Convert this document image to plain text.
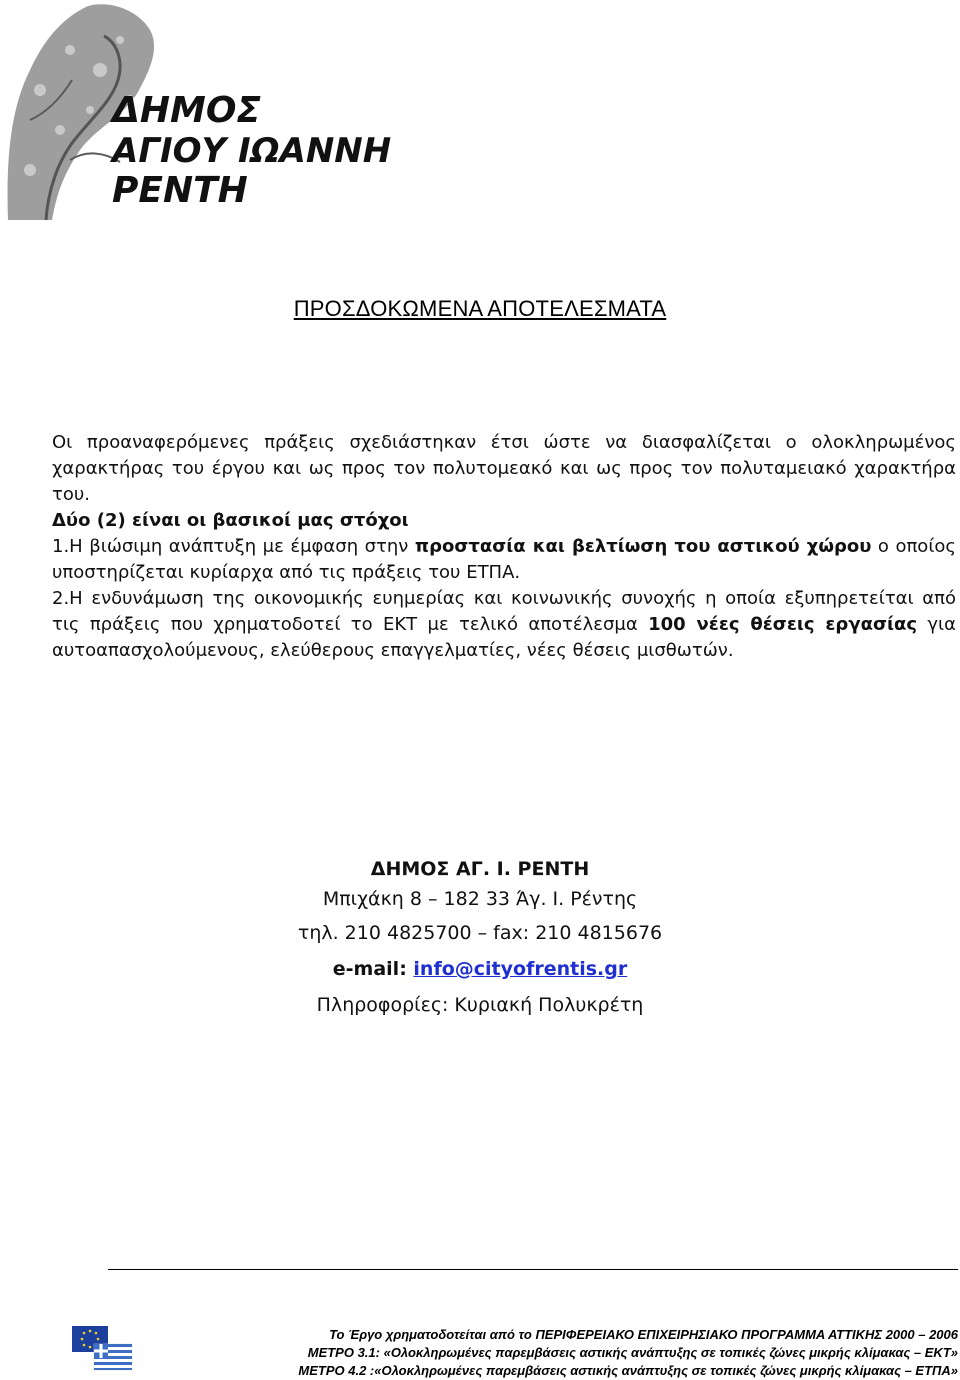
ΔΗΜΟΣ
ΑΓΙΟΥ ΙΩΑΝΝΗ
ΡΕΝΤΗ
ΠΡΟΣΔΟΚΩΜΕΝΑ ΑΠΟΤΕΛΕΣΜΑΤΑ

Οι προαναφερόμενες πράξεις σχεδιάστηκαν έτσι ώστε να διασφαλίζεται ο ολοκληρωμένος χαρακτήρας του έργου και ως προς τον πολυτομεακό και ως προς τον πολυταμειακό χαρακτήρα του.

Δύο (2) είναι οι βασικοί μας στόχοι

1.Η βιώσιμη ανάπτυξη με έμφαση στην προστασία και βελτίωση του αστικού χώρου ο οποίος υποστηρίζεται κυρίαρχα από τις πράξεις του ΕΤΠΑ.

2.Η ενδυνάμωση της οικονομικής ευημερίας και κοινωνικής συνοχής η οποία εξυπηρετείται από τις πράξεις που χρηματοδοτεί το ΕΚΤ με τελικό αποτέλεσμα 100 νέες θέσεις εργασίας για αυτοαπασχολούμενους, ελεύθερους επαγγελματίες, νέες θέσεις μισθωτών.

ΔΗΜΟΣ ΑΓ. Ι. ΡΕΝΤΗ
Μπιχάκη 8 – 182 33 Άγ. Ι. Ρέντης
τηλ. 210 4825700 – fax: 210 4815676
e-mail: info@cityofrentis.gr
Πληροφορίες: Κυριακή Πολυκρέτη
Το Έργο χρηματοδοτείται από το ΠΕΡΙΦΕΡΕΙΑΚΟ ΕΠΙΧΕΙΡΗΣΙΑΚΟ ΠΡΟΓΡΑΜΜΑ ΑΤΤΙΚΗΣ 2000 – 2006
ΜΕΤΡΟ 3.1: «Ολοκληρωμένες παρεμβάσεις αστικής ανάπτυξης σε τοπικές ζώνες μικρής κλίμακας – ΕΚΤ»
ΜΕΤΡΟ 4.2 :«Ολοκληρωμένες παρεμβάσεις αστικής ανάπτυξης σε τοπικές ζώνες μικρής κλίμακας – ΕΤΠΑ»
